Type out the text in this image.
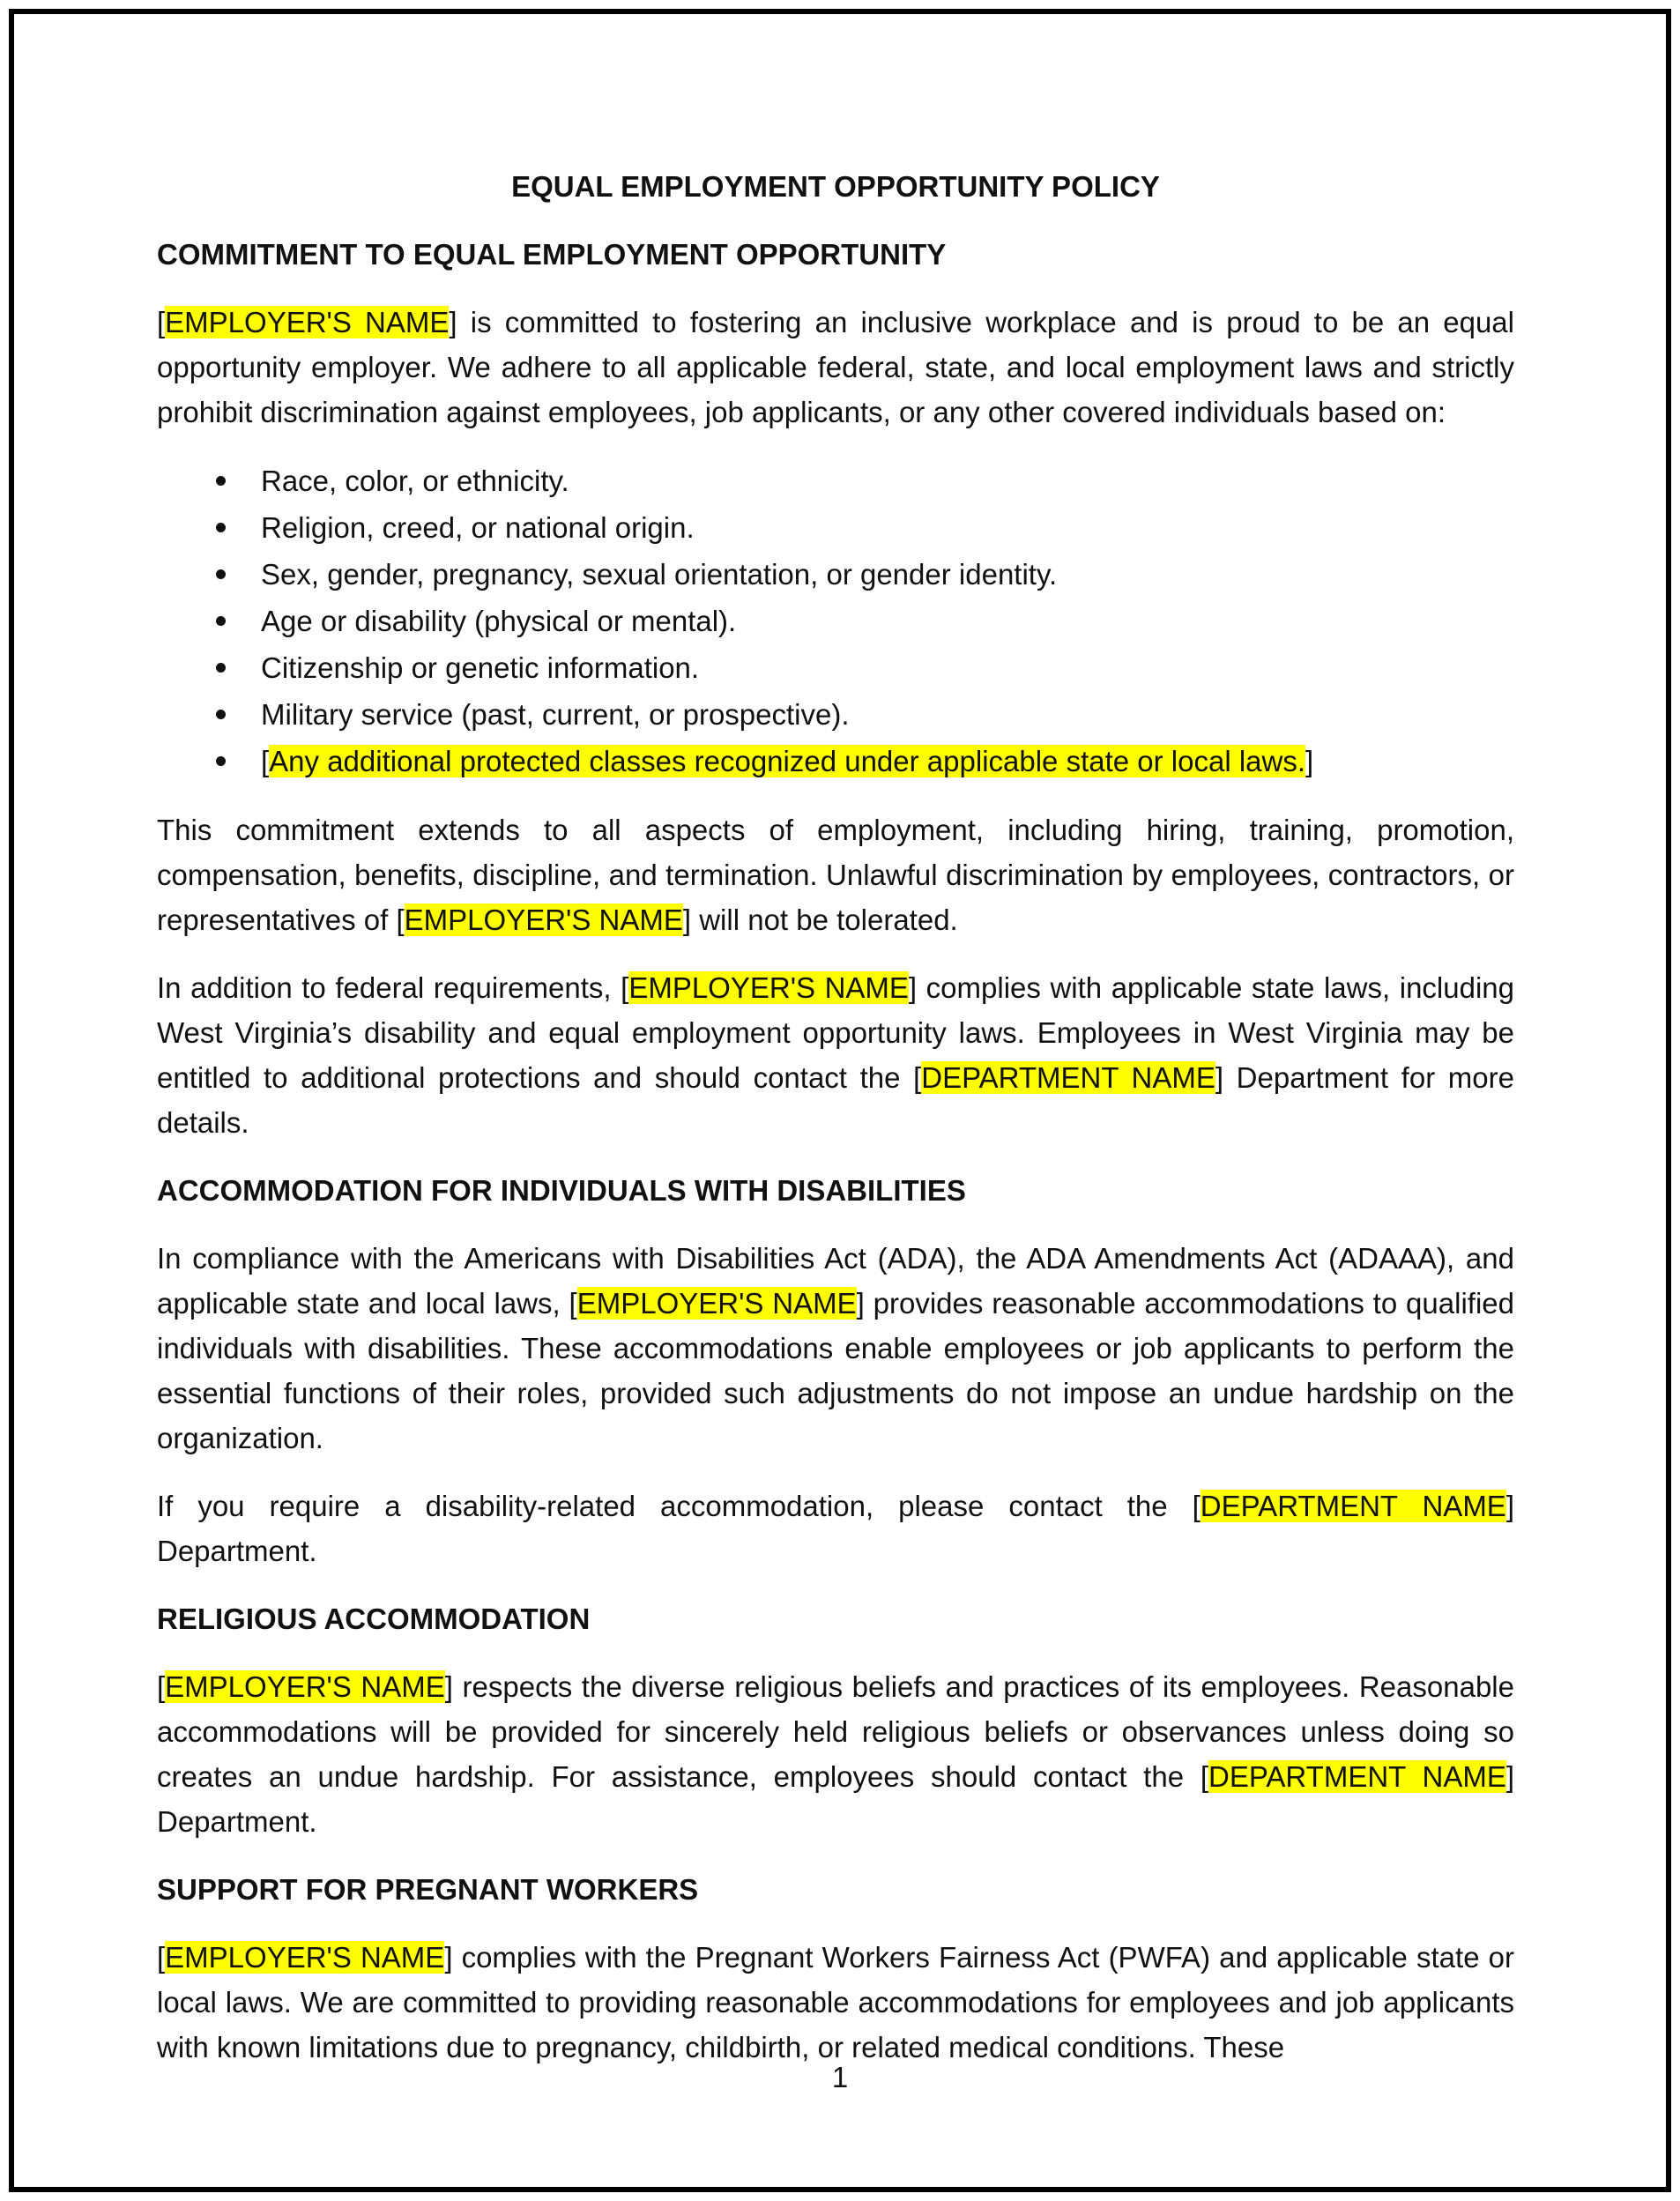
EQUAL EMPLOYMENT OPPORTUNITY POLICY
COMMITMENT TO EQUAL EMPLOYMENT OPPORTUNITY

[EMPLOYER'S NAME] is committed to fostering an inclusive workplace and is proud to be an equal opportunity employer. We adhere to all applicable federal, state, and local employment laws and strictly prohibit discrimination against employees, job applicants, or any other covered individuals based on:

Race, color, or ethnicity.
Religion, creed, or national origin.
Sex, gender, pregnancy, sexual orientation, or gender identity.
Age or disability (physical or mental).
Citizenship or genetic information.
Military service (past, current, or prospective).
[Any additional protected classes recognized under applicable state or local laws.]

This commitment extends to all aspects of employment, including hiring, training, promotion, compensation, benefits, discipline, and termination. Unlawful discrimination by employees, contractors, or representatives of [EMPLOYER'S NAME] will not be tolerated.

In addition to federal requirements, [EMPLOYER'S NAME] complies with applicable state laws, including West Virginia’s disability and equal employment opportunity laws. Employees in West Virginia may be entitled to additional protections and should contact the [DEPARTMENT NAME] Department for more details.

ACCOMMODATION FOR INDIVIDUALS WITH DISABILITIES

In compliance with the Americans with Disabilities Act (ADA), the ADA Amendments Act (ADAAA), and applicable state and local laws, [EMPLOYER'S NAME] provides reasonable accommodations to qualified individuals with disabilities. These accommodations enable employees or job applicants to perform the essential functions of their roles, provided such adjustments do not impose an undue hardship on the organization.

If you require a disability-related accommodation, please contact the [DEPARTMENT NAME] Department.

RELIGIOUS ACCOMMODATION

[EMPLOYER'S NAME] respects the diverse religious beliefs and practices of its employees. Reasonable accommodations will be provided for sincerely held religious beliefs or observances unless doing so creates an undue hardship. For assistance, employees should contact the [DEPARTMENT NAME] Department.

SUPPORT FOR PREGNANT WORKERS

[EMPLOYER'S NAME] complies with the Pregnant Workers Fairness Act (PWFA) and applicable state or local laws. We are committed to providing reasonable accommodations for employees and job applicants with known limitations due to pregnancy, childbirth, or related medical conditions. These

1
